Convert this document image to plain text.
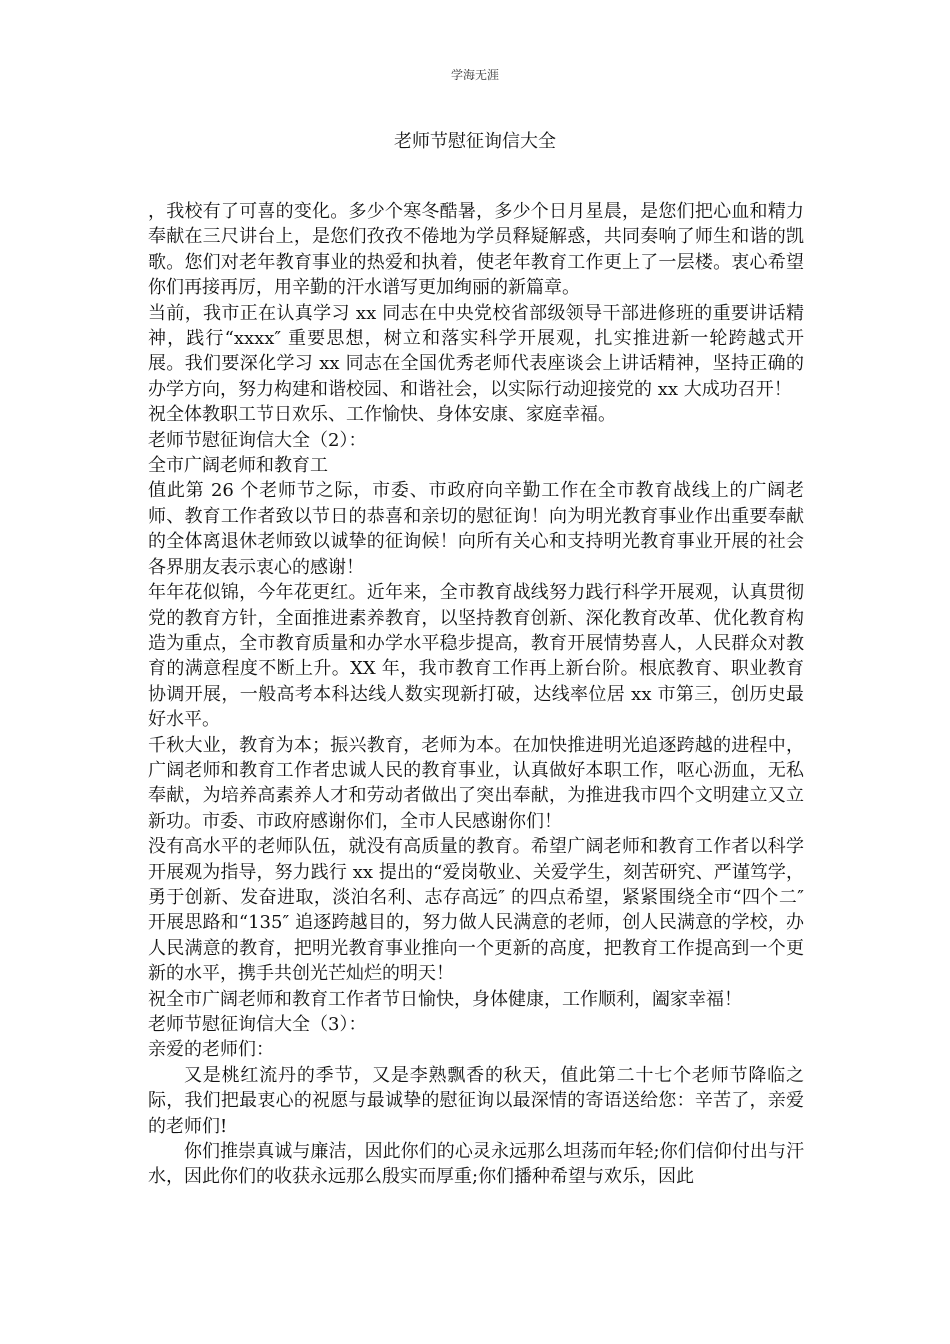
学海无涯
老师节慰征询信大全

，我校有了可喜的变化。多少个寒冬酷暑，多少个日月星晨，是您们把心血和精力奉献在三尺讲台上，是您们孜孜不倦地为学员释疑解惑，共同奏响了师生和谐的凯歌。您们对老年教育事业的热爱和执着，使老年教育工作更上了一层楼。衷心希望你们再接再厉，用辛勤的汗水谱写更加绚丽的新篇章。

当前，我市正在认真学习 xx 同志在中央党校省部级领导干部进修班的重要讲话精神，践行“xxxx″ 重要思想，树立和落实科学开展观，扎实推进新一轮跨越式开展。我们要深化学习 xx 同志在全国优秀老师代表座谈会上讲话精神，坚持正确的办学方向，努力构建和谐校园、和谐社会，以实际行动迎接党的 xx 大成功召开！

祝全体教职工节日欢乐、工作愉快、身体安康、家庭幸福。

老师节慰征询信大全（2）：

全市广阔老师和教育工

值此第 26 个老师节之际，市委、市政府向辛勤工作在全市教育战线上的广阔老师、教育工作者致以节日的恭喜和亲切的慰征询！向为明光教育事业作出重要奉献的全体离退休老师致以诚挚的征询候！向所有关心和支持明光教育事业开展的社会各界朋友表示衷心的感谢！

年年花似锦，今年花更红。近年来，全市教育战线努力践行科学开展观，认真贯彻党的教育方针，全面推进素养教育，以坚持教育创新、深化教育改革、优化教育构造为重点，全市教育质量和办学水平稳步提高，教育开展情势喜人，人民群众对教育的满意程度不断上升。XX 年，我市教育工作再上新台阶。根底教育、职业教育协调开展，一般高考本科达线人数实现新打破，达线率位居 xx 市第三，创历史最好水平。

千秋大业，教育为本；振兴教育，老师为本。在加快推进明光追逐跨越的进程中，广阔老师和教育工作者忠诚人民的教育事业，认真做好本职工作，呕心沥血，无私奉献，为培养高素养人才和劳动者做出了突出奉献，为推进我市四个文明建立又立新功。市委、市政府感谢你们，全市人民感谢你们！

没有高水平的老师队伍，就没有高质量的教育。希望广阔老师和教育工作者以科学开展观为指导，努力践行 xx 提出的“爱岗敬业、关爱学生，刻苦研究、严谨笃学，勇于创新、发奋进取，淡泊名利、志存高远″ 的四点希望，紧紧围绕全市“四个二″ 开展思路和“135″ 追逐跨越目的，努力做人民满意的老师，创人民满意的学校，办人民满意的教育，把明光教育事业推向一个更新的高度，把教育工作提高到一个更新的水平，携手共创光芒灿烂的明天！

祝全市广阔老师和教育工作者节日愉快，身体健康，工作顺利，阖家幸福！

老师节慰征询信大全（3）：

亲爱的老师们：

又是桃红流丹的季节，又是李熟飘香的秋天，值此第二十七个老师节降临之际，我们把最衷心的祝愿与最诚挚的慰征询以最深情的寄语送给您：辛苦了，亲爱的老师们!

你们推崇真诚与廉洁，因此你们的心灵永远那么坦荡而年轻;你们信仰付出与汗水，因此你们的收获永远那么殷实而厚重;你们播种希望与欢乐，因此
